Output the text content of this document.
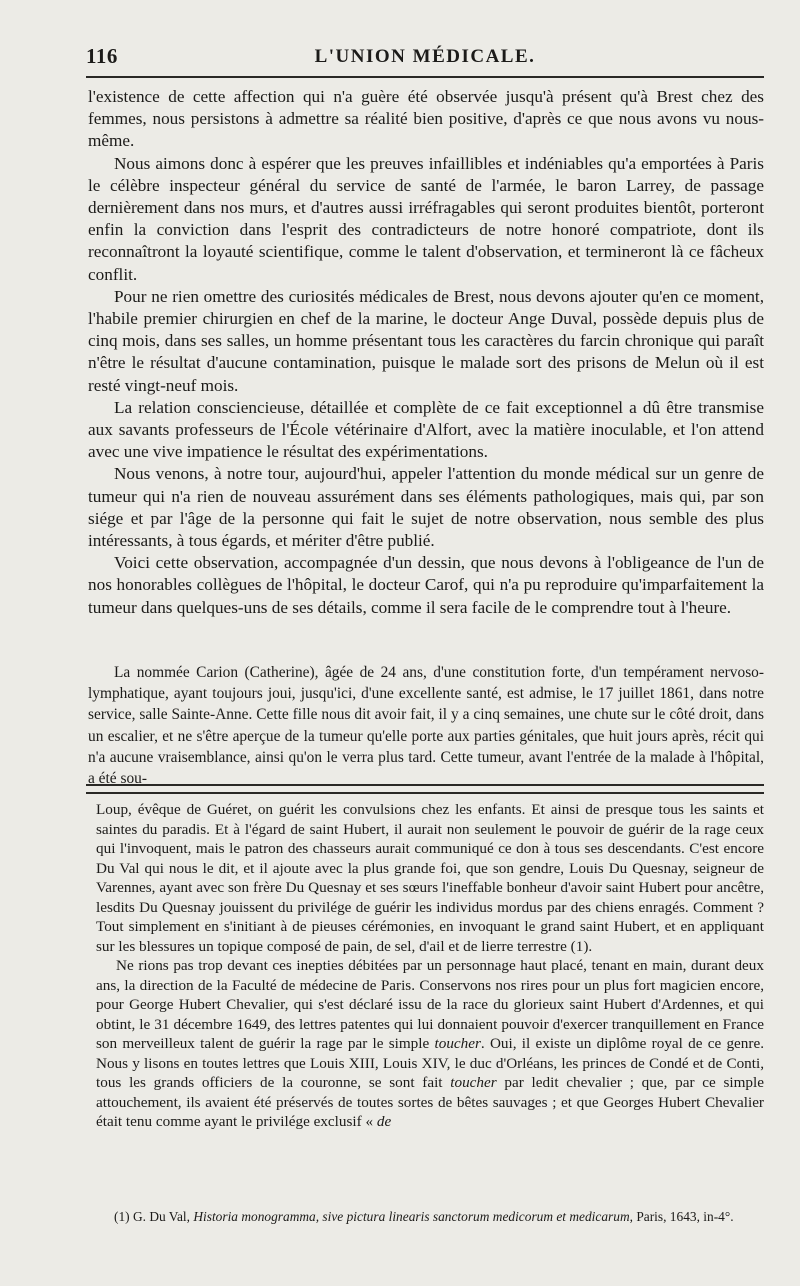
116	L'UNION MÉDICALE.

l'existence de cette affection qui n'a guère été observée jusqu'à présent qu'à Brest chez des femmes, nous persistons à admettre sa réalité bien positive, d'après ce que nous avons vu nous-même.

Nous aimons donc à espérer que les preuves infaillibles et indéniables qu'a emportées à Paris le célèbre inspecteur général du service de santé de l'armée, le baron Larrey, de passage dernièrement dans nos murs, et d'autres aussi irréfragables qui seront produites bientôt, porteront enfin la conviction dans l'esprit des contradicteurs de notre honoré compatriote, dont ils reconnaîtront la loyauté scientifique, comme le talent d'observation, et termineront là ce fâcheux conflit.

Pour ne rien omettre des curiosités médicales de Brest, nous devons ajouter qu'en ce moment, l'habile premier chirurgien en chef de la marine, le docteur Ange Duval, possède depuis plus de cinq mois, dans ses salles, un homme présentant tous les caractères du farcin chronique qui paraît n'être le résultat d'aucune contamination, puisque le malade sort des prisons de Melun où il est resté vingt-neuf mois.

La relation consciencieuse, détaillée et complète de ce fait exceptionnel a dû être transmise aux savants professeurs de l'École vétérinaire d'Alfort, avec la matière inoculable, et l'on attend avec une vive impatience le résultat des expérimentations.

Nous venons, à notre tour, aujourd'hui, appeler l'attention du monde médical sur un genre de tumeur qui n'a rien de nouveau assurément dans ses éléments pathologiques, mais qui, par son siége et par l'âge de la personne qui fait le sujet de notre observation, nous semble des plus intéressants, à tous égards, et mériter d'être publié.

Voici cette observation, accompagnée d'un dessin, que nous devons à l'obligeance de l'un de nos honorables collègues de l'hôpital, le docteur Carof, qui n'a pu reproduire qu'imparfaitement la tumeur dans quelques-uns de ses détails, comme il sera facile de le comprendre tout à l'heure.

La nommée Carion (Catherine), âgée de 24 ans, d'une constitution forte, d'un tempérament nervoso-lymphatique, ayant toujours joui, jusqu'ici, d'une excellente santé, est admise, le 17 juillet 1861, dans notre service, salle Sainte-Anne. Cette fille nous dit avoir fait, il y a cinq semaines, une chute sur le côté droit, dans un escalier, et ne s'être aperçue de la tumeur qu'elle porte aux parties génitales, que huit jours après, récit qui n'a aucune vraisemblance, ainsi qu'on le verra plus tard. Cette tumeur, avant l'entrée de la malade à l'hôpital, a été sou-

Loup, évêque de Guéret, on guérit les convulsions chez les enfants. Et ainsi de presque tous les saints et saintes du paradis. Et à l'égard de saint Hubert, il aurait non seulement le pouvoir de guérir de la rage ceux qui l'invoquent, mais le patron des chasseurs aurait communiqué ce don à tous ses descendants. C'est encore Du Val qui nous le dit, et il ajoute avec la plus grande foi, que son gendre, Louis Du Quesnay, seigneur de Varennes, ayant avec son frère Du Quesnay et ses sœurs l'ineffable bonheur d'avoir saint Hubert pour ancêtre, lesdits Du Quesnay jouissent du privilége de guérir les individus mordus par des chiens enragés. Comment ? Tout simplement en s'initiant à de pieuses cérémonies, en invoquant le grand saint Hubert, et en appliquant sur les blessures un topique composé de pain, de sel, d'ail et de lierre terrestre (1).

Ne rions pas trop devant ces inepties débitées par un personnage haut placé, tenant en main, durant deux ans, la direction de la Faculté de médecine de Paris. Conservons nos rires pour un plus fort magicien encore, pour George Hubert Chevalier, qui s'est déclaré issu de la race du glorieux saint Hubert d'Ardennes, et qui obtint, le 31 décembre 1649, des lettres patentes qui lui donnaient pouvoir d'exercer tranquillement en France son merveilleux talent de guérir la rage par le simple toucher. Oui, il existe un diplôme royal de ce genre. Nous y lisons en toutes lettres que Louis XIII, Louis XIV, le duc d'Orléans, les princes de Condé et de Conti, tous les grands officiers de la couronne, se sont fait toucher par ledit chevalier ; que, par ce simple attouchement, ils avaient été préservés de toutes sortes de bêtes sauvages ; et que Georges Hubert Chevalier était tenu comme ayant le privilége exclusif « de

(1) G. Du Val, Historia monogramma, sive pictura linearis sanctorum medicorum et medicarum, Paris, 1643, in-4°.
